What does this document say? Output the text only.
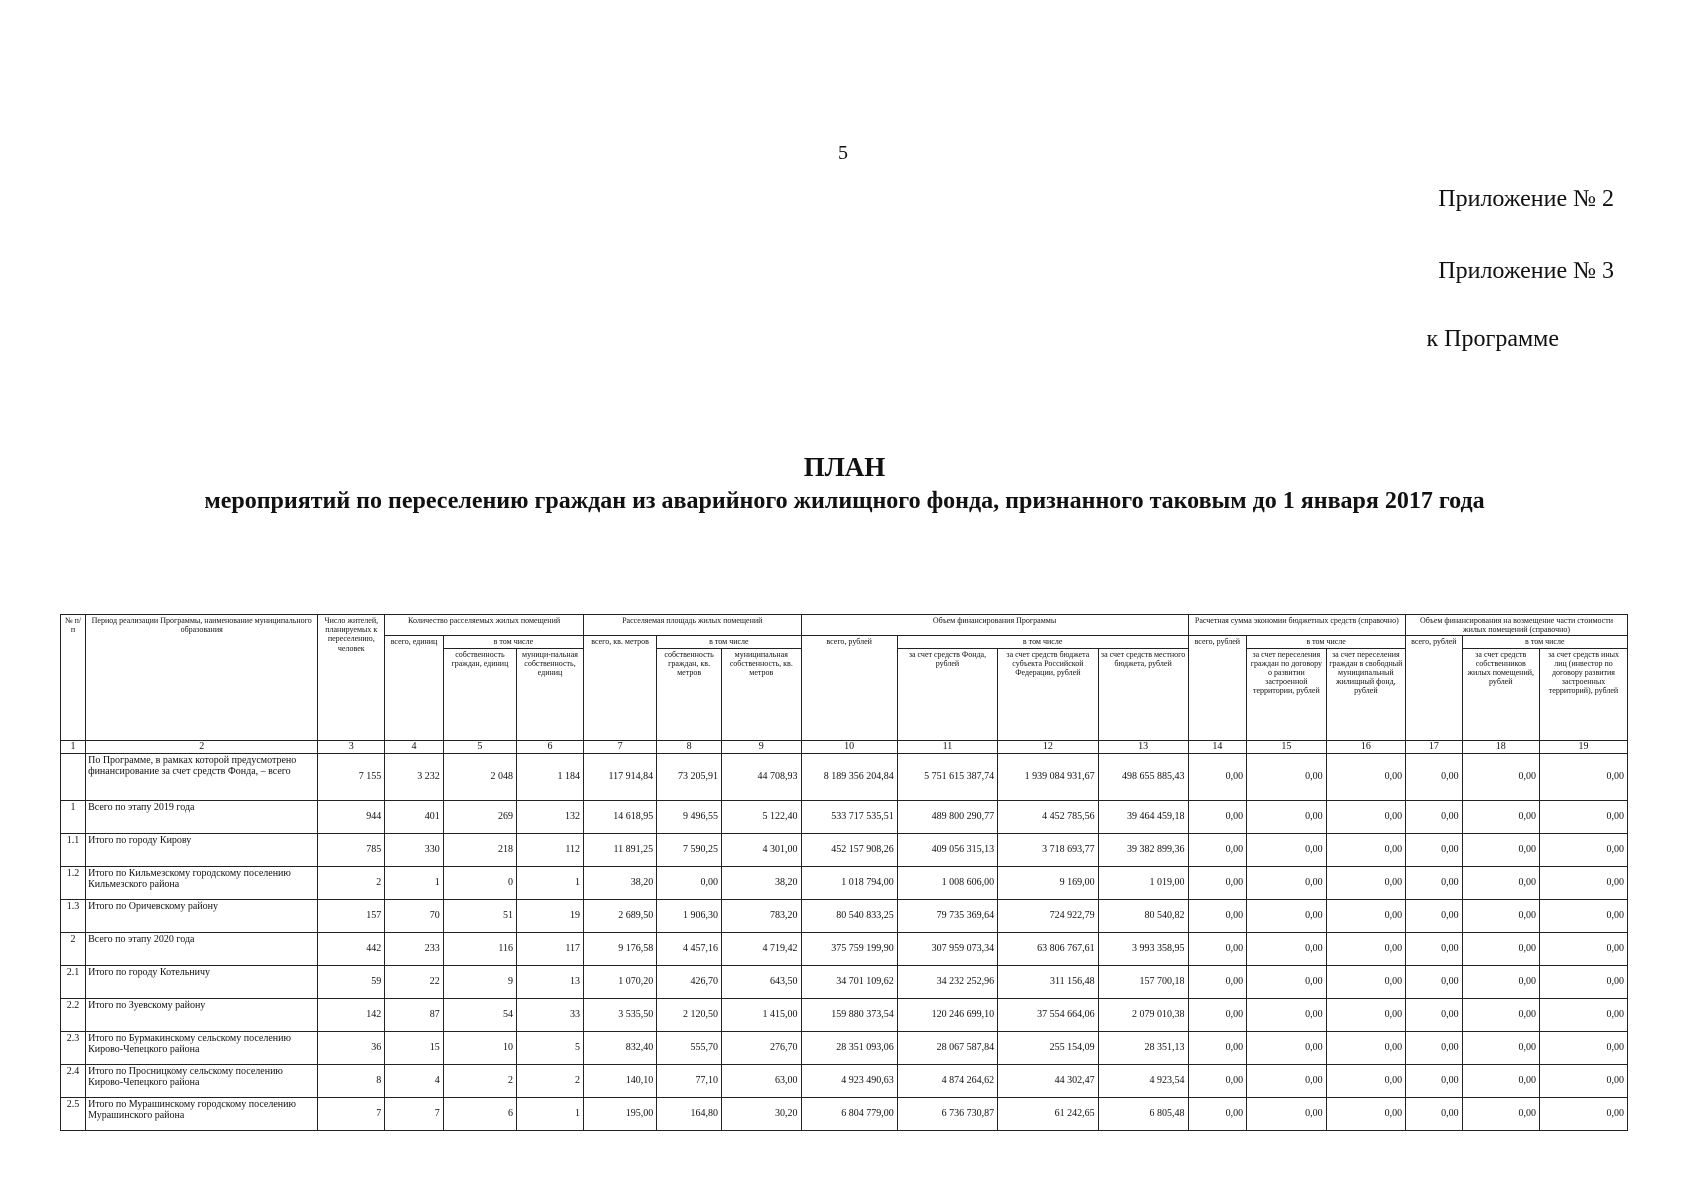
5
Приложение № 2
Приложение № 3
к Программе
ПЛАН
мероприятий по переселению граждан из аварийного жилищного фонда, признанного таковым до 1 января 2017 года
№ п/п	Период реализации Программы, наименование муниципального образования	Число жителей, планируемых к переселению, человек	Количество расселяемых жилых помещений			Расселяемая площадь жилых помещений			Объем финансирования Программы				Расчетная сумма экономии бюджетных средств (справочно)			Объем финансирования на возмещение части стоимости жилых помещений (справочно)		
			всего, единиц	в том числе		всего, кв. метров	в том числе		всего, рублей	в том числе			всего, рублей	в том числе		всего, рублей	в том числе	
				собственность граждан, единиц	муници-пальная собственность, единиц		собственность граждан, кв. метров	муниципальная собственность, кв. метров		за счет средств Фонда, рублей	за счет средств бюджета субъекта Российской Федерации, рублей	за счет средств местного бюджета, рублей		за счет переселения граждан по договору о развитии застроенной территории, рублей	за счет переселения граждан в свободный муниципальный жилищный фонд, рублей		за счет средств собственников жилых помещений, рублей	за счет средств иных лиц (инвестор по договору развития застроенных территорий), рублей
1	2	3	4	5	6	7	8	9	10	11	12	13	14	15	16	17	18	19
	По Программе, в рамках которой предусмотрено финансирование за счет средств Фонда, – всего	7 155	3 232	2 048	1 184	117 914,84	73 205,91	44 708,93	8 189 356 204,84	5 751 615 387,74	1 939 084 931,67	498 655 885,43	0,00	0,00	0,00	0,00	0,00	0,00
1	Всего по этапу 2019 года	944	401	269	132	14 618,95	9 496,55	5 122,40	533 717 535,51	489 800 290,77	4 452 785,56	39 464 459,18	0,00	0,00	0,00	0,00	0,00	0,00
1.1	Итого по городу Кирову	785	330	218	112	11 891,25	7 590,25	4 301,00	452 157 908,26	409 056 315,13	3 718 693,77	39 382 899,36	0,00	0,00	0,00	0,00	0,00	0,00
1.2	Итого по Кильмезскому городскому поселению Кильмезского района	2	1	0	1	38,20	0,00	38,20	1 018 794,00	1 008 606,00	9 169,00	1 019,00	0,00	0,00	0,00	0,00	0,00	0,00
1.3	Итого по Оричевскому району	157	70	51	19	2 689,50	1 906,30	783,20	80 540 833,25	79 735 369,64	724 922,79	80 540,82	0,00	0,00	0,00	0,00	0,00	0,00
2	Всего по этапу 2020 года	442	233	116	117	9 176,58	4 457,16	4 719,42	375 759 199,90	307 959 073,34	63 806 767,61	3 993 358,95	0,00	0,00	0,00	0,00	0,00	0,00
2.1	Итого по городу Котельничу	59	22	9	13	1 070,20	426,70	643,50	34 701 109,62	34 232 252,96	311 156,48	157 700,18	0,00	0,00	0,00	0,00	0,00	0,00
2.2	Итого по Зуевскому району	142	87	54	33	3 535,50	2 120,50	1 415,00	159 880 373,54	120 246 699,10	37 554 664,06	2 079 010,38	0,00	0,00	0,00	0,00	0,00	0,00
2.3	Итого по Бурмакинскому сельскому поселению Кирово-Чепецкого района	36	15	10	5	832,40	555,70	276,70	28 351 093,06	28 067 587,84	255 154,09	28 351,13	0,00	0,00	0,00	0,00	0,00	0,00
2.4	Итого по Просницкому сельскому поселению Кирово-Чепецкого района	8	4	2	2	140,10	77,10	63,00	4 923 490,63	4 874 264,62	44 302,47	4 923,54	0,00	0,00	0,00	0,00	0,00	0,00
2.5	Итого по Мурашинскому городскому поселению Мурашинского района	7	7	6	1	195,00	164,80	30,20	6 804 779,00	6 736 730,87	61 242,65	6 805,48	0,00	0,00	0,00	0,00	0,00	0,00
